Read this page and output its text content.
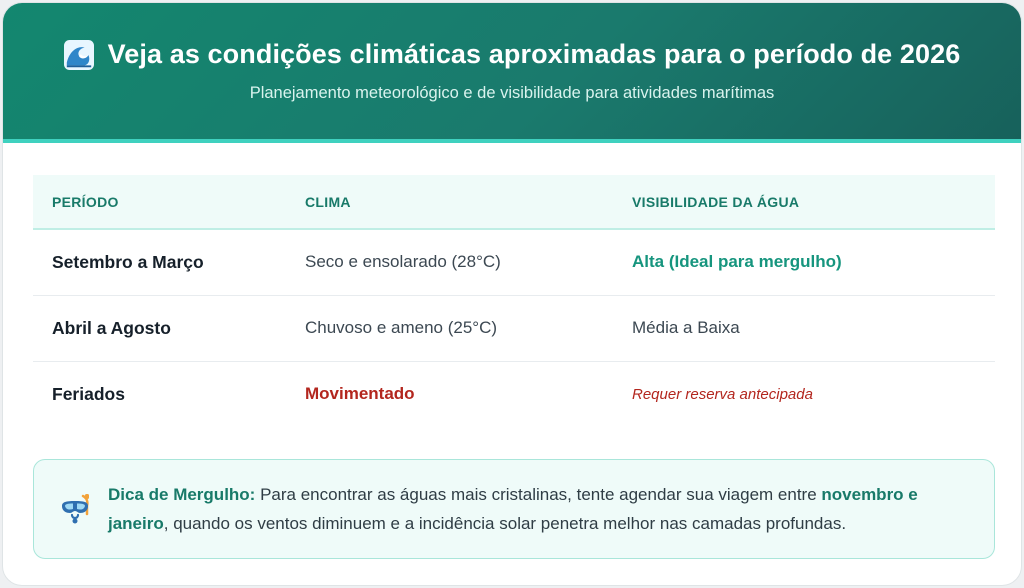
Veja as condições climáticas aproximadas para o período de 2026
Planejamento meteorológico e de visibilidade para atividades marítimas
PERÍODO	CLIMA	VISIBILIDADE DA ÁGUA
Setembro a Março	Seco e ensolarado (28°C)	Alta (Ideal para mergulho)
Abril a Agosto	Chuvoso e ameno (25°C)	Média a Baixa
Feriados	Movimentado	Requer reserva antecipada

Dica de Mergulho: Para encontrar as águas mais cristalinas, tente agendar sua viagem entre novembro e janeiro, quando os ventos diminuem e a incidência solar penetra melhor nas camadas profundas.
